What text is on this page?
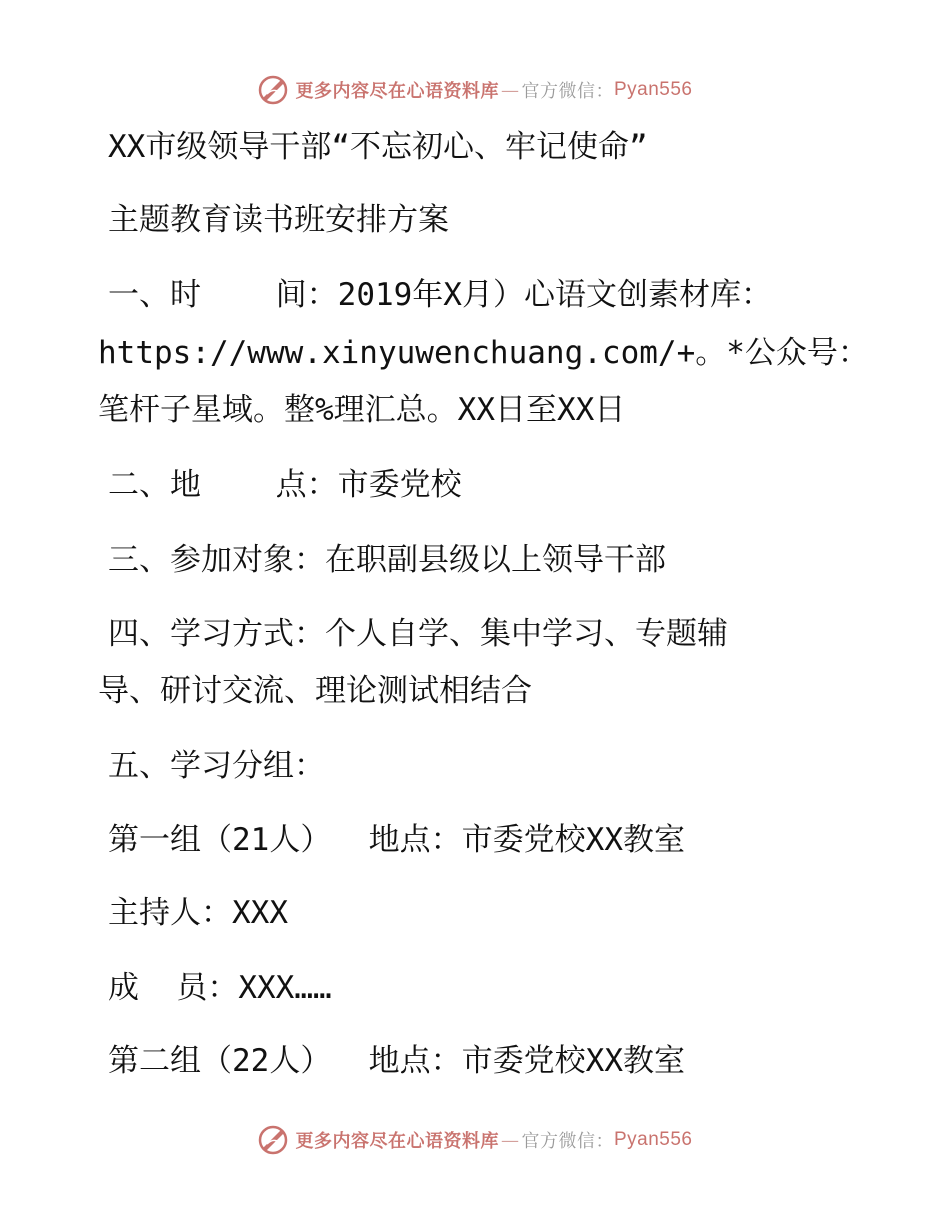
更多内容尽在心语资料库 — 官方微信： Pyan556
XX市级领导干部“不忘初心、牢记使命”
主题教育读书班安排方案
一、时    间：2019年X月）心语文创素材库：
https://www.xinyuwenchuang.com/+。*公众号：
笔杆子星域。整%理汇总。XX日至XX日
二、地    点：市委党校
三、参加对象：在职副县级以上领导干部
四、学习方式：个人自学、集中学习、专题辅
导、研讨交流、理论测试相结合
五、学习分组：
第一组（21人）  地点：市委党校XX教室
主持人：XXX
成  员：XXX……
第二组（22人）  地点：市委党校XX教室
更多内容尽在心语资料库 — 官方微信： Pyan556
